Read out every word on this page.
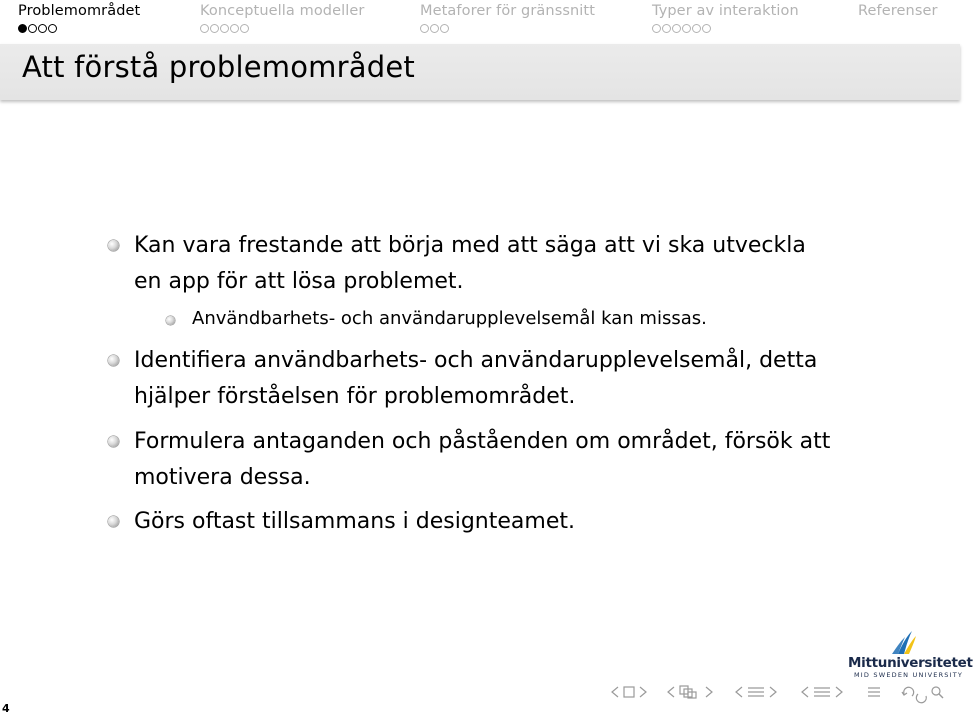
Problemområdet	Konceptuella modeller	Metaforer för gränssnitt	Typer av interaktion	Referenser
Att förstå problemområdet
Kan vara frestande att börja med att säga att vi ska utveckla
en app för att lösa problemet.
Användbarhets- och användarupplevelsemål kan missas.
Identifiera användbarhets- och användarupplevelsemål, detta
hjälper förståelsen för problemområdet.
Formulera antaganden och påståenden om området, försök att
motivera dessa.
Görs oftast tillsammans i designteamet.
Mittuniversitetet
MID SWEDEN UNIVERSITY
4
